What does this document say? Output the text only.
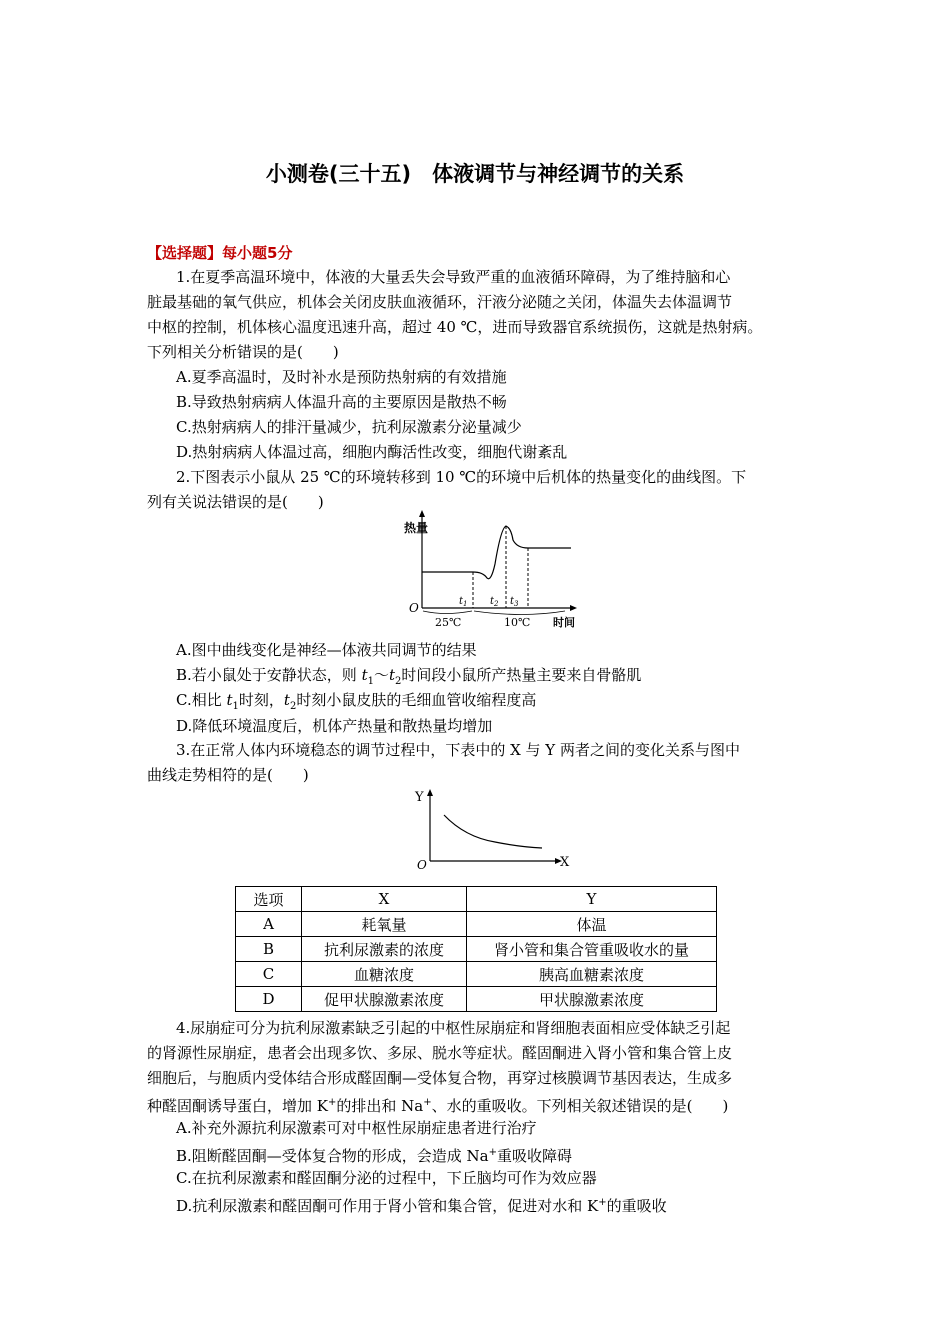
小测卷(三十五)　体液调节与神经调节的关系
【选择题】每小题5分
1.在夏季高温环境中，体液的大量丢失会导致严重的血液循环障碍，为了维持脑和心
脏最基础的氧气供应，机体会关闭皮肤血液循环，汗液分泌随之关闭，体温失去体温调节
中枢的控制，机体核心温度迅速升高，超过 40 ℃，进而导致器官系统损伤，这就是热射病。
下列相关分析错误的是(　　)
A.夏季高温时，及时补水是预防热射病的有效措施
B.导致热射病病人体温升高的主要原因是散热不畅
C.热射病病人的排汗量减少，抗利尿激素分泌量减少
D.热射病病人体温过高，细胞内酶活性改变，细胞代谢紊乱
2.下图表示小鼠从 25 ℃的环境转移到 10 ℃的环境中后机体的热量变化的曲线图。下
列有关说法错误的是(　　)
热量
O	$t_1$ $t_2$ $t_3$
25℃	10℃ 时间
A.图中曲线变化是神经—体液共同调节的结果
B.若小鼠处于安静状态，则 $t_1\sim t_2$时间段小鼠所产热量主要来自骨骼肌
C.相比 $t_1$时刻，$t_2$时刻小鼠皮肤的毛细血管收缩程度高
D.降低环境温度后，机体产热量和散热量均增加
3.在正常人体内环境稳态的调节过程中，下表中的 X 与 Y 两者之间的变化关系与图中
曲线走势相符的是(　　)
Y
X
O
选项	X	Y
A	耗氧量	体温
B	抗利尿激素的浓度	肾小管和集合管重吸收水的量
C	血糖浓度	胰高血糖素浓度
D	促甲状腺激素浓度	甲状腺激素浓度
4.尿崩症可分为抗利尿激素缺乏引起的中枢性尿崩症和肾细胞表面相应受体缺乏引起
的肾源性尿崩症，患者会出现多饮、多尿、脱水等症状。醛固酮进入肾小管和集合管上皮
细胞后，与胞质内受体结合形成醛固酮—受体复合物，再穿过核膜调节基因表达，生成多
种醛固酮诱导蛋白，增加 K+的排出和 Na+、水的重吸收。下列相关叙述错误的是(　　)
A.补充外源抗利尿激素可对中枢性尿崩症患者进行治疗
B.阻断醛固酮—受体复合物的形成，会造成 Na+重吸收障碍
C.在抗利尿激素和醛固酮分泌的过程中，下丘脑均可作为效应器
D.抗利尿激素和醛固酮可作用于肾小管和集合管，促进对水和 K+的重吸收
